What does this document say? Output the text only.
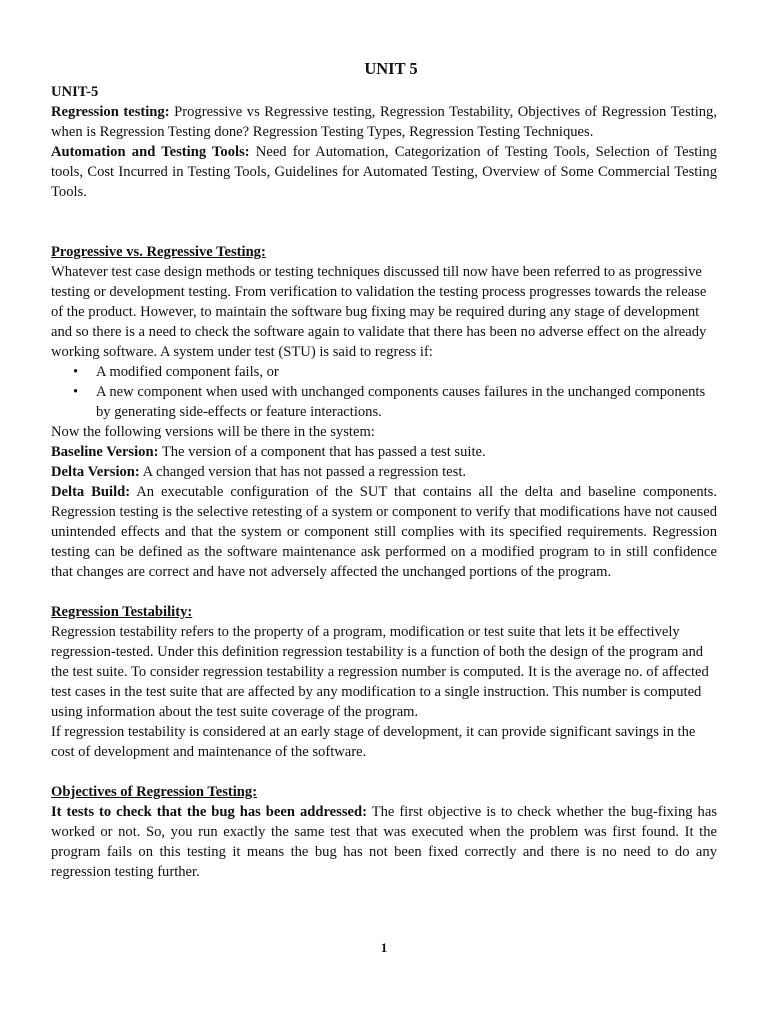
UNIT 5

UNIT-5

Regression testing: Progressive vs Regressive testing, Regression Testability, Objectives of Regression Testing, when is Regression Testing done? Regression Testing Types, Regression Testing Techniques.

Automation and Testing Tools: Need for Automation, Categorization of Testing Tools, Selection of Testing tools, Cost Incurred in Testing Tools, Guidelines for Automated Testing, Overview of Some Commercial Testing Tools.

Progressive vs. Regressive Testing:

Whatever test case design methods or testing techniques discussed till now have been referred to as progressive testing or development testing. From verification to validation the testing process progresses towards the release of the product. However, to maintain the software bug fixing may be required during any stage of development and so there is a need to check the software again to validate that there has been no adverse effect on the already working software. A system under test (STU) is said to regress if:

• A modified component fails, or
• A new component when used with unchanged components causes failures in the unchanged components by generating side-effects or feature interactions.

Now the following versions will be there in the system:

Baseline Version: The version of a component that has passed a test suite.

Delta Version: A changed version that has not passed a regression test.

Delta Build: An executable configuration of the SUT that contains all the delta and baseline components. Regression testing is the selective retesting of a system or component to verify that modifications have not caused unintended effects and that the system or component still complies with its specified requirements. Regression testing can be defined as the software maintenance ask performed on a modified program to in still confidence that changes are correct and have not adversely affected the unchanged portions of the program.

Regression Testability:

Regression testability refers to the property of a program, modification or test suite that lets it be effectively regression-tested. Under this definition regression testability is a function of both the design of the program and the test suite. To consider regression testability a regression number is computed. It is the average no. of affected test cases in the test suite that are affected by any modification to a single instruction. This number is computed using information about the test suite coverage of the program.

If regression testability is considered at an early stage of development, it can provide significant savings in the cost of development and maintenance of the software.

Objectives of Regression Testing:

It tests to check that the bug has been addressed: The first objective is to check whether the bug-fixing has worked or not. So, you run exactly the same test that was executed when the problem was first found. It the program fails on this testing it means the bug has not been fixed correctly and there is no need to do any regression testing further.

1
